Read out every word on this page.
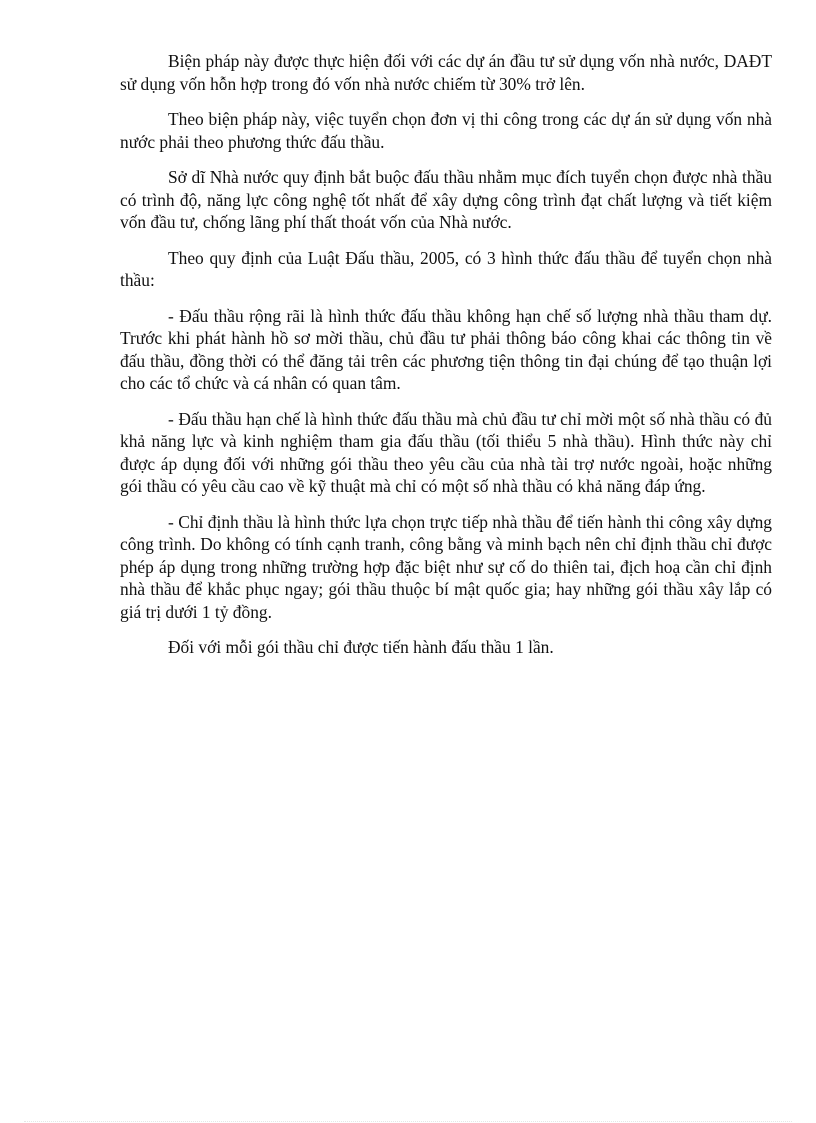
Biện pháp này được thực hiện đối với các dự án đầu tư sử dụng vốn nhà nước, DAĐT sử dụng vốn hỗn hợp trong đó vốn nhà nước chiếm từ 30% trở lên.

Theo biện pháp này, việc tuyển chọn đơn vị thi công trong các dự án sử dụng vốn nhà nước phải theo phương thức đấu thầu.

Sở dĩ Nhà nước quy định bắt buộc đấu thầu nhằm mục đích tuyển chọn được nhà thầu có trình độ, năng lực công nghệ tốt nhất để xây dựng công trình đạt chất lượng và tiết kiệm vốn đầu tư, chống lãng phí thất thoát vốn của Nhà nước.

Theo quy định của Luật Đấu thầu, 2005, có 3 hình thức đấu thầu để tuyển chọn nhà thầu:

- Đấu thầu rộng rãi là hình thức đấu thầu không hạn chế số lượng nhà thầu tham dự. Trước khi phát hành hồ sơ mời thầu, chủ đầu tư phải thông báo công khai các thông tin về đấu thầu, đồng thời có thể đăng tải trên các phương tiện thông tin đại chúng để tạo thuận lợi cho các tổ chức và cá nhân có quan tâm.

- Đấu thầu hạn chế là hình thức đấu thầu mà chủ đầu tư chỉ mời một số nhà thầu có đủ khả năng lực và kinh nghiệm tham gia đấu thầu (tối thiểu 5 nhà thầu). Hình thức này chỉ được áp dụng đối với những gói thầu theo yêu cầu của nhà tài trợ nước ngoài, hoặc những gói thầu có yêu cầu cao về kỹ thuật mà chỉ có một số nhà thầu có khả năng đáp ứng.

- Chỉ định thầu là hình thức lựa chọn trực tiếp nhà thầu để tiến hành thi công xây dựng công trình. Do không có tính cạnh tranh, công bằng và minh bạch nên chỉ định thầu chỉ được phép áp dụng trong những trường hợp đặc biệt như sự cố do thiên tai, địch hoạ cần chỉ định nhà thầu để khắc phục ngay; gói thầu thuộc bí mật quốc gia; hay những gói thầu xây lắp có giá trị dưới 1 tỷ đồng.

Đối với mỗi gói thầu chỉ được tiến hành đấu thầu 1 lần.
